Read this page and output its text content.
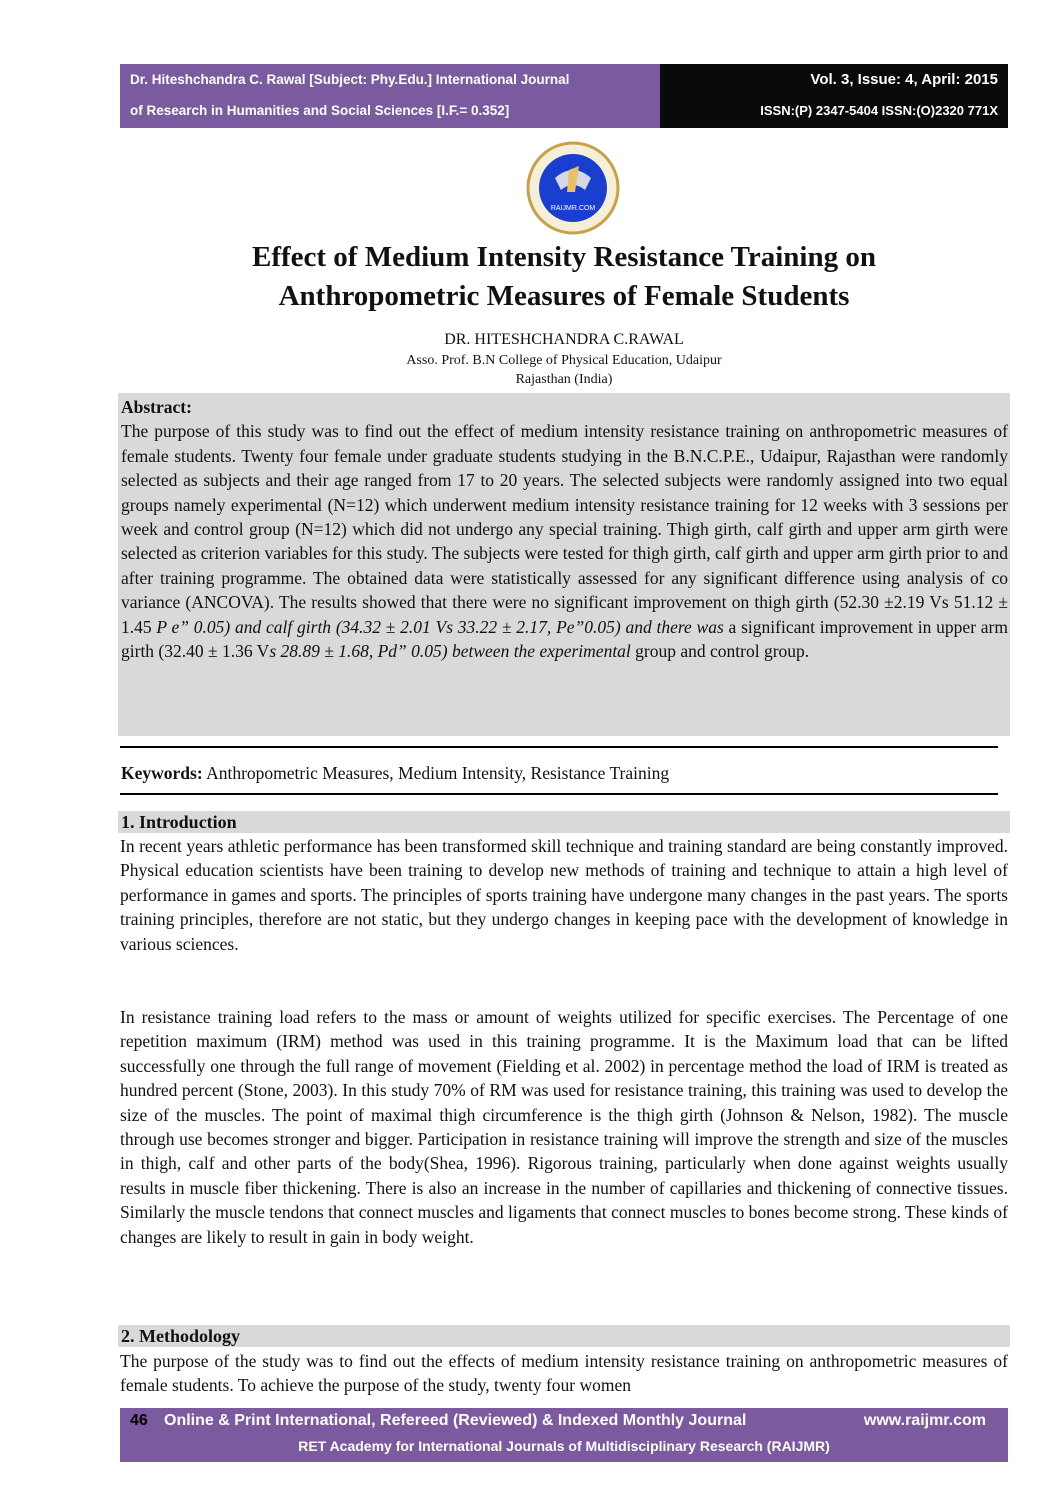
Dr. Hiteshchandra C. Rawal [Subject: Phy.Edu.] International Journal
of Research in Humanities and Social Sciences [I.F.= 0.352]
Vol. 3, Issue: 4, April: 2015
ISSN:(P) 2347-5404 ISSN:(O)2320 771X
RAIJMR.COM
Effect of Medium Intensity Resistance Training on
Anthropometric Measures of Female Students
DR. HITESHCHANDRA C.RAWAL
Asso. Prof. B.N College of Physical Education, Udaipur
Rajasthan (India)
Abstract:
The purpose of this study was to find out the effect of medium intensity resistance training on anthropometric measures of female students. Twenty four female under graduate students studying in the B.N.C.P.E., Udaipur, Rajasthan were randomly selected as subjects and their age ranged from 17 to 20 years. The selected subjects were randomly assigned into two equal groups namely experimental (N=12) which underwent medium intensity resistance training for 12 weeks with 3 sessions per week and control group (N=12) which did not undergo any special training. Thigh girth, calf girth and upper arm girth were selected as criterion variables for this study. The subjects were tested for thigh girth, calf girth and upper arm girth prior to and after training programme. The obtained data were statistically assessed for any significant difference using analysis of co variance (ANCOVA). The results showed that there were no significant improvement on thigh girth (52.30 ±2.19 Vs 51.12 ± 1.45 P e” 0.05) and calf girth (34.32 ± 2.01 Vs 33.22 ± 2.17, Pe”0.05) and there was a significant improvement in upper arm girth (32.40 ± 1.36 Vs 28.89 ± 1.68, Pd” 0.05) between the experimental group and control group.
Keywords: Anthropometric Measures, Medium Intensity, Resistance Training
1. Introduction
In recent years athletic performance has been transformed skill technique and training standard are being constantly improved. Physical education scientists have been training to develop new methods of training and technique to attain a high level of performance in games and sports. The principles of sports training have undergone many changes in the past years. The sports training principles, therefore are not static, but they undergo changes in keeping pace with the development of knowledge in various sciences.
In resistance training load refers to the mass or amount of weights utilized for specific exercises. The Percentage of one repetition maximum (IRM) method was used in this training programme. It is the Maximum load that can be lifted successfully one through the full range of movement (Fielding et al. 2002) in percentage method the load of IRM is treated as hundred percent (Stone, 2003). In this study 70% of RM was used for resistance training, this training was used to develop the size of the muscles. The point of maximal thigh circumference is the thigh girth (Johnson & Nelson, 1982). The muscle through use becomes stronger and bigger. Participation in resistance training will improve the strength and size of the muscles in thigh, calf and other parts of the body(Shea, 1996). Rigorous training, particularly when done against weights usually results in muscle fiber thickening. There is also an increase in the number of capillaries and thickening of connective tissues. Similarly the muscle tendons that connect muscles and ligaments that connect muscles to bones become strong. These kinds of changes are likely to result in gain in body weight.
2. Methodology
The purpose of the study was to find out the effects of medium intensity resistance training on anthropometric measures of female students. To achieve the purpose of the study, twenty four women
46 Online & Print International, Refereed (Reviewed) & Indexed Monthly Journal	www.raijmr.com
RET Academy for International Journals of Multidisciplinary Research (RAIJMR)
